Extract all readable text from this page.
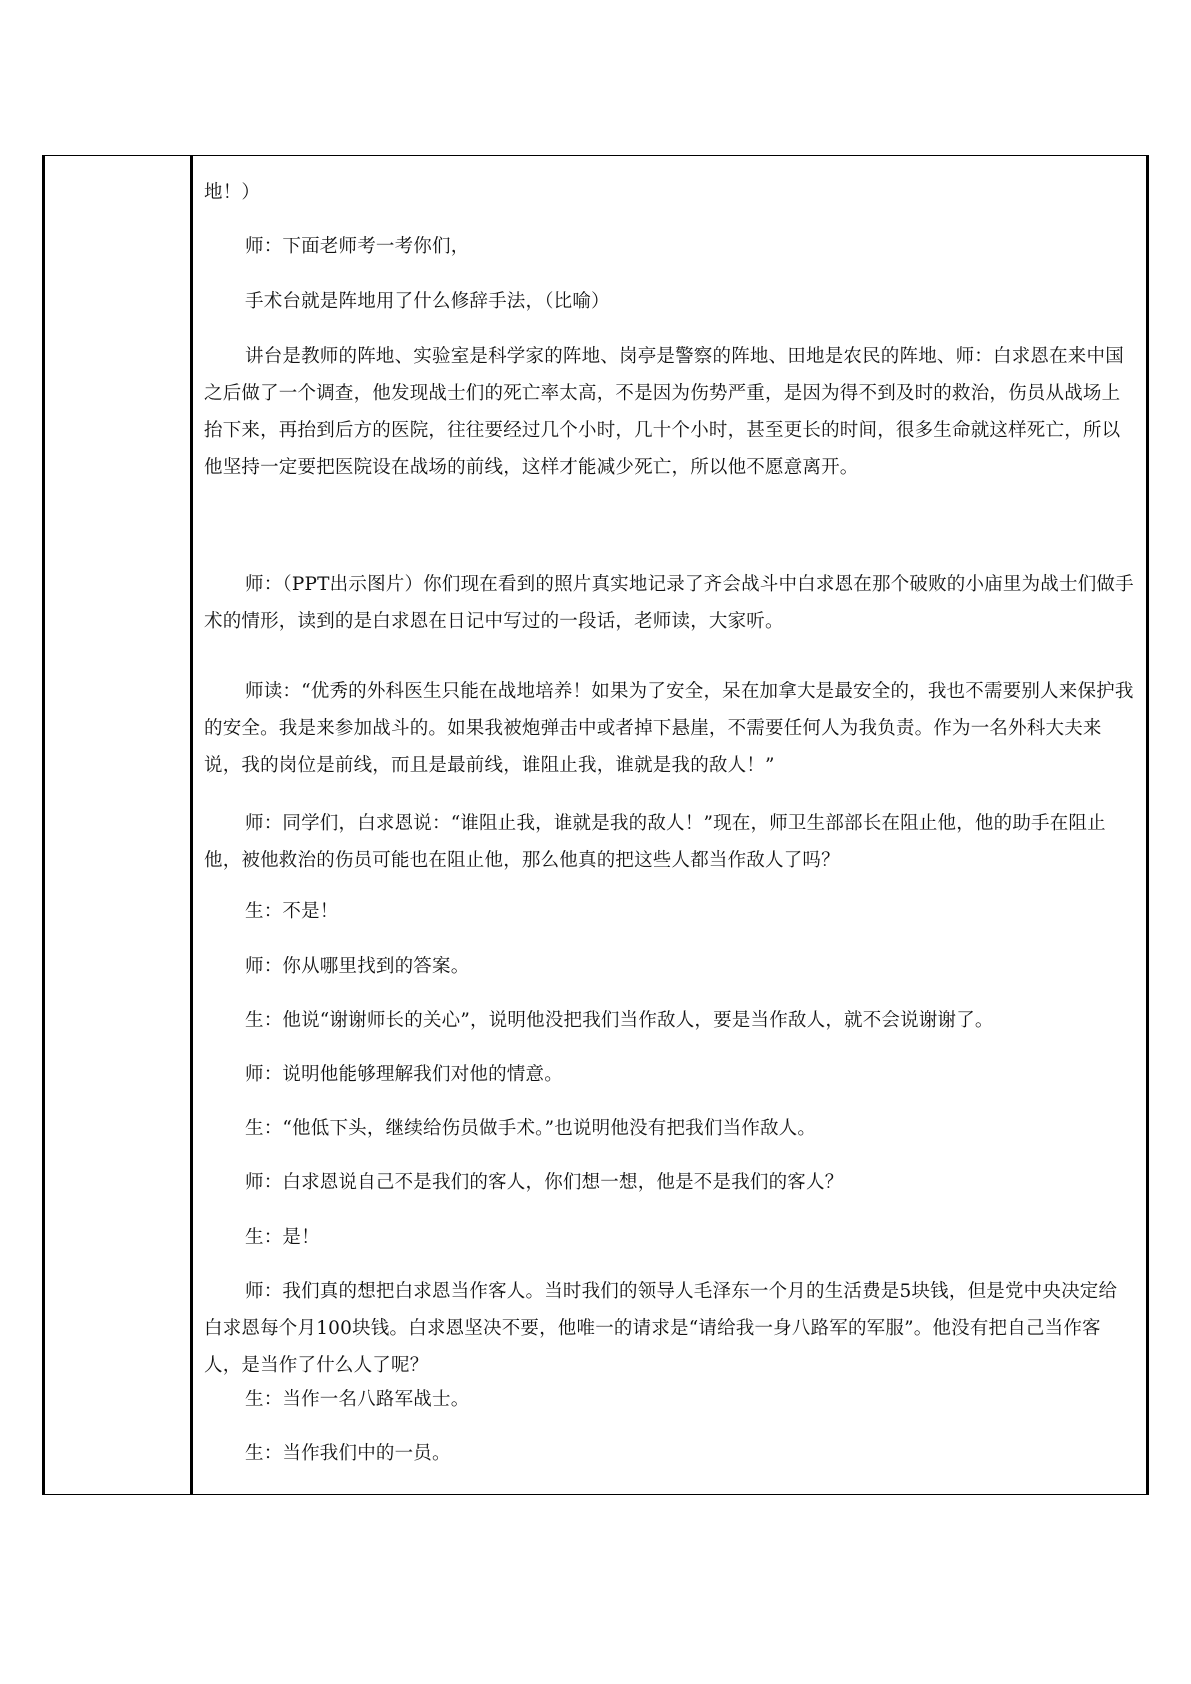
地！）

师：下面老师考一考你们，

手术台就是阵地用了什么修辞手法，（比喻）

讲台是教师的阵地、实验室是科学家的阵地、岗亭是警察的阵地、田地是农民的阵地、师：白求恩在来中国之后做了一个调查，他发现战士们的死亡率太高，不是因为伤势严重，是因为得不到及时的救治，伤员从战场上抬下来，再抬到后方的医院，往往要经过几个小时，几十个小时，甚至更长的时间，很多生命就这样死亡，所以他坚持一定要把医院设在战场的前线，这样才能减少死亡，所以他不愿意离开。

师：（PPT出示图片）你们现在看到的照片真实地记录了齐会战斗中白求恩在那个破败的小庙里为战士们做手术的情形，读到的是白求恩在日记中写过的一段话，老师读，大家听。

师读：“优秀的外科医生只能在战地培养！如果为了安全，呆在加拿大是最安全的，我也不需要别人来保护我的安全。我是来参加战斗的。如果我被炮弹击中或者掉下悬崖，不需要任何人为我负责。作为一名外科大夫来说，我的岗位是前线，而且是最前线，谁阻止我，谁就是我的敌人！”

师：同学们，白求恩说：“谁阻止我，谁就是我的敌人！”现在，师卫生部部长在阻止他，他的助手在阻止他，被他救治的伤员可能也在阻止他，那么他真的把这些人都当作敌人了吗？

生：不是！

师：你从哪里找到的答案。

生：他说“谢谢师长的关心”，说明他没把我们当作敌人，要是当作敌人，就不会说谢谢了。

师：说明他能够理解我们对他的情意。

生：“他低下头，继续给伤员做手术。”也说明他没有把我们当作敌人。

师：白求恩说自己不是我们的客人，你们想一想，他是不是我们的客人？

生：是！

师：我们真的想把白求恩当作客人。当时我们的领导人毛泽东一个月的生活费是5块钱，但是党中央决定给白求恩每个月100块钱。白求恩坚决不要，他唯一的请求是“请给我一身八路军的军服”。他没有把自己当作客人，是当作了什么人了呢？

生：当作一名八路军战士。

生：当作我们中的一员。
